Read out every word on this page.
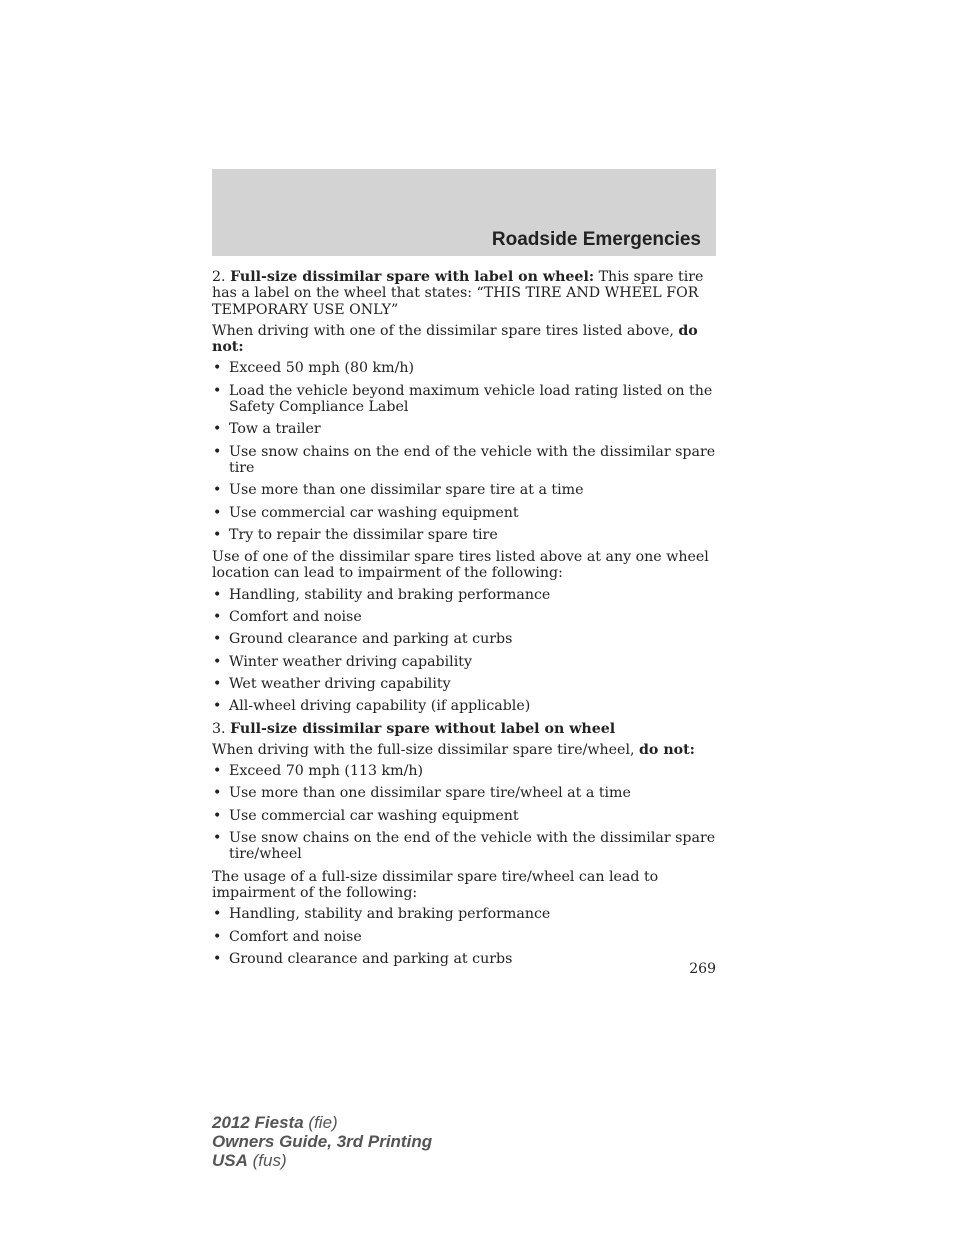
Roadside Emergencies

2. Full-size dissimilar spare with label on wheel: This spare tire has a label on the wheel that states: “THIS TIRE AND WHEEL FOR TEMPORARY USE ONLY”

When driving with one of the dissimilar spare tires listed above, do not:

• Exceed 50 mph (80 km/h)
• Load the vehicle beyond maximum vehicle load rating listed on the Safety Compliance Label
• Tow a trailer
• Use snow chains on the end of the vehicle with the dissimilar spare tire
• Use more than one dissimilar spare tire at a time
• Use commercial car washing equipment
• Try to repair the dissimilar spare tire

Use of one of the dissimilar spare tires listed above at any one wheel location can lead to impairment of the following:

• Handling, stability and braking performance
• Comfort and noise
• Ground clearance and parking at curbs
• Winter weather driving capability
• Wet weather driving capability
• All-wheel driving capability (if applicable)

3. Full-size dissimilar spare without label on wheel

When driving with the full-size dissimilar spare tire/wheel, do not:

• Exceed 70 mph (113 km/h)
• Use more than one dissimilar spare tire/wheel at a time
• Use commercial car washing equipment
• Use snow chains on the end of the vehicle with the dissimilar spare tire/wheel

The usage of a full-size dissimilar spare tire/wheel can lead to impairment of the following:

• Handling, stability and braking performance
• Comfort and noise
• Ground clearance and parking at curbs
269
2012 Fiesta (fie)
Owners Guide, 3rd Printing
USA (fus)
